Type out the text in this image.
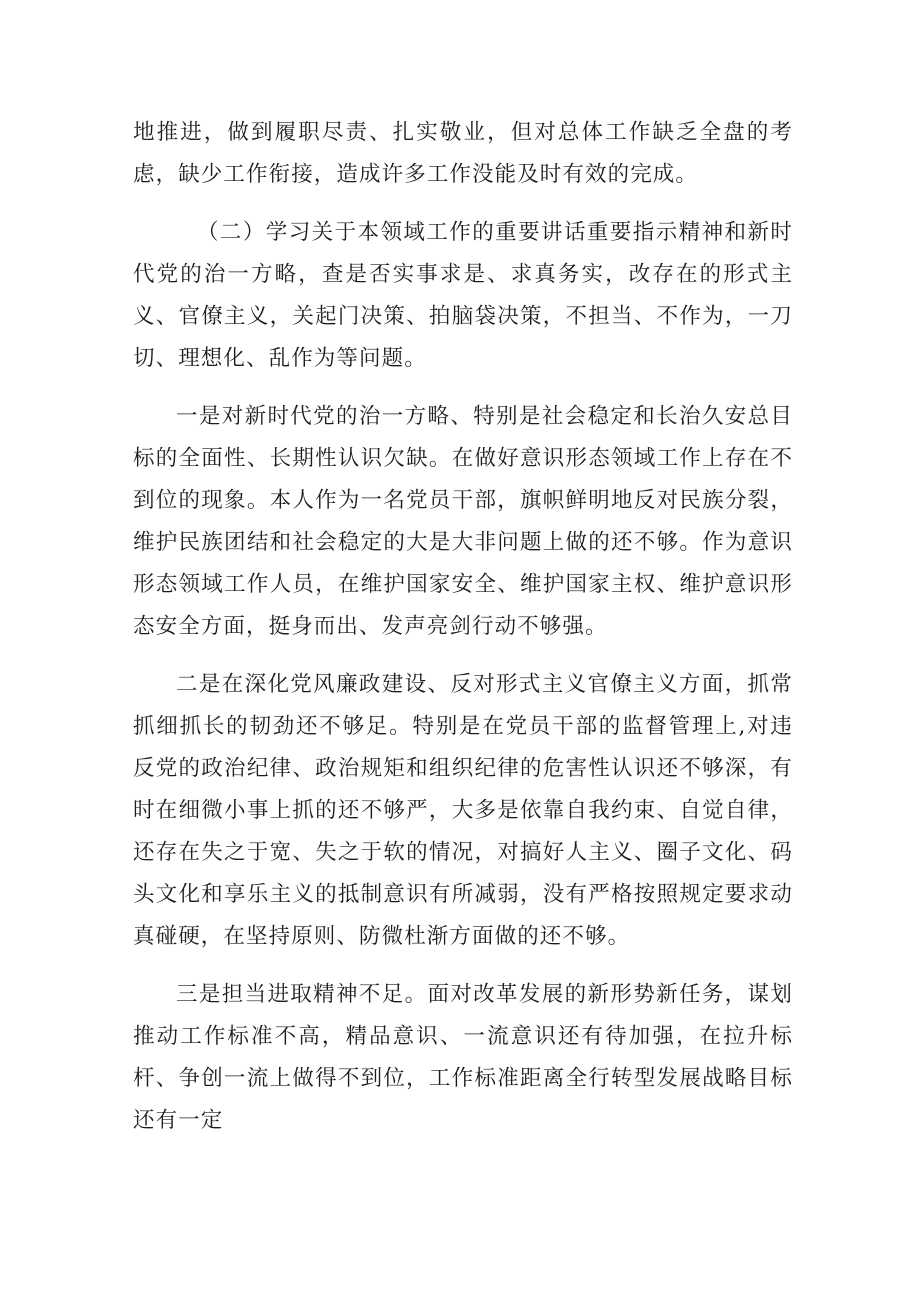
地推进，做到履职尽责、扎实敬业，但对总体工作缺乏全盘的考虑，缺少工作衔接，造成许多工作没能及时有效的完成。

（二）学习关于本领域工作的重要讲话重要指示精神和新时代党的治一方略，查是否实事求是、求真务实，改存在的形式主义、官僚主义，关起门决策、拍脑袋决策，不担当、不作为，一刀切、理想化、乱作为等问题。

一是对新时代党的治一方略、特别是社会稳定和长治久安总目标的全面性、长期性认识欠缺。在做好意识形态领域工作上存在不到位的现象。本人作为一名党员干部，旗帜鲜明地反对民族分裂，维护民族团结和社会稳定的大是大非问题上做的还不够。作为意识形态领域工作人员，在维护国家安全、维护国家主权、维护意识形态安全方面，挺身而出、发声亮剑行动不够强。

二是在深化党风廉政建设、反对形式主义官僚主义方面，抓常抓细抓长的韧劲还不够足。特别是在党员干部的监督管理上,对违反党的政治纪律、政治规矩和组织纪律的危害性认识还不够深，有时在细微小事上抓的还不够严，大多是依靠自我约束、自觉自律，还存在失之于宽、失之于软的情况，对搞好人主义、圈子文化、码头文化和享乐主义的抵制意识有所减弱，没有严格按照规定要求动真碰硬，在坚持原则、防微杜渐方面做的还不够。

三是担当进取精神不足。面对改革发展的新形势新任务，谋划推动工作标准不高，精品意识、一流意识还有待加强，在拉升标杆、争创一流上做得不到位，工作标准距离全行转型发展战略目标还有一定
